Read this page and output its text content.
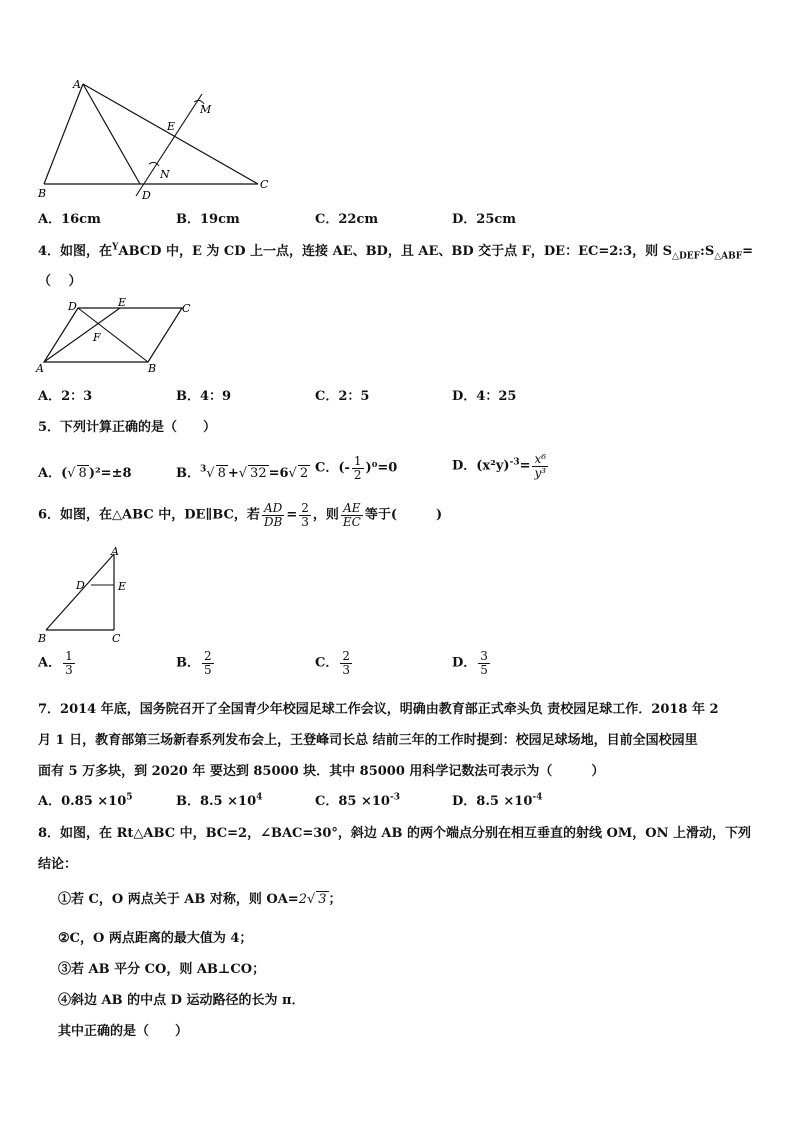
A
B
C
D
E
M
N
A．16cm	B．19cm	C．22cm	D．25cm
4．如图，在$^Y$ABCD 中，E 为 CD 上一点，连接 AE、BD，且 AE、BD 交于点 F，DE：EC=2:3，则 $S_{\triangle DEF}:S_{\triangle ABF}=$
（　 ）
D	E	C
F
A	B
A．2：3	B．4：9	C．2：5	D．4：25
5．下列计算正确的是（　　）
A．(√ 8 )²=±8	B．$^3$√ 8 +√ 32 =6√ 2 C．(- $\frac{1}{2} )^0=0$	D．$(x^2y)^{-3}= \frac{\text{x⁶}}{\text{y³}}$
6．如图，在△ABC 中，DE∥BC，若 $\frac{AD}{DB} = \frac{2}{3}$ ，则 $\frac{AE}{EC}$ 等于(　　　)
A
D	E
B	C
A． $\frac{1}{3}$	B． $\frac{2}{5}$	C． $\frac{2}{3}$	D． $\frac{3}{5}$
7．2014 年底，国务院召开了全国青少年校园足球工作会议，明确由教育部正式牵头负 责校园足球工作．2018 年 2
月 1 日，教育部第三场新春系列发布会上，王登峰司长总 结前三年的工作时提到：校园足球场地，目前全国校园里
面有 5 万多块，到 2020 年 要达到 85000 块．其中 85000 用科学记数法可表示为（　　　）
A．$0.85 \times 10^5$	B．$8.5 \times 10^4$	C．$85 \times 10^{-3}$	D．$8.5 \times 10^{-4}$
8．如图，在 Rt△ABC 中，BC=2，∠BAC=30°，斜边 AB 的两个端点分别在相互垂直的射线 OM，ON 上滑动，下列
结论：
①若 C，O 两点关于 AB 对称，则 OA=2√ 3 ；
②C，O 两点距离的最大值为 4；
③若 AB 平分 CO，则 AB⊥CO；
④斜边 AB 的中点 D 运动路径的长为 π．
其中正确的是（　　）
